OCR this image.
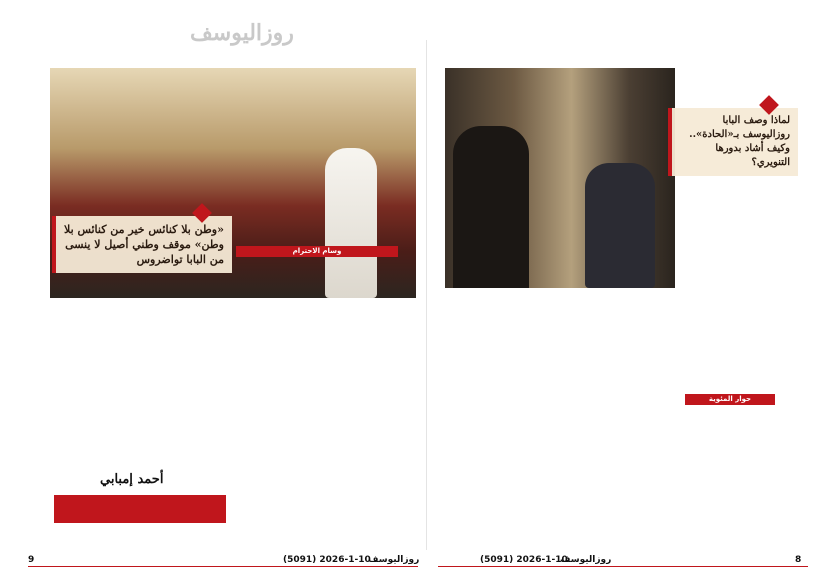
روزاليوسف
«وطن بلا كنائس خير من كنائس بلا وطن» موقف وطني أصيل لا ينسى من البابا تواضروس
وسام الاحترام
أحمد إمبابي
لماذا وصف البابا روزاليوسف بـ«الحادة».. وكيف أشاد بدورها التنويري؟
حوار المئوية
9	(5091) 2026-1-10
روزاليوسف	(5091) 2026-1-10
روزاليوسف	8
